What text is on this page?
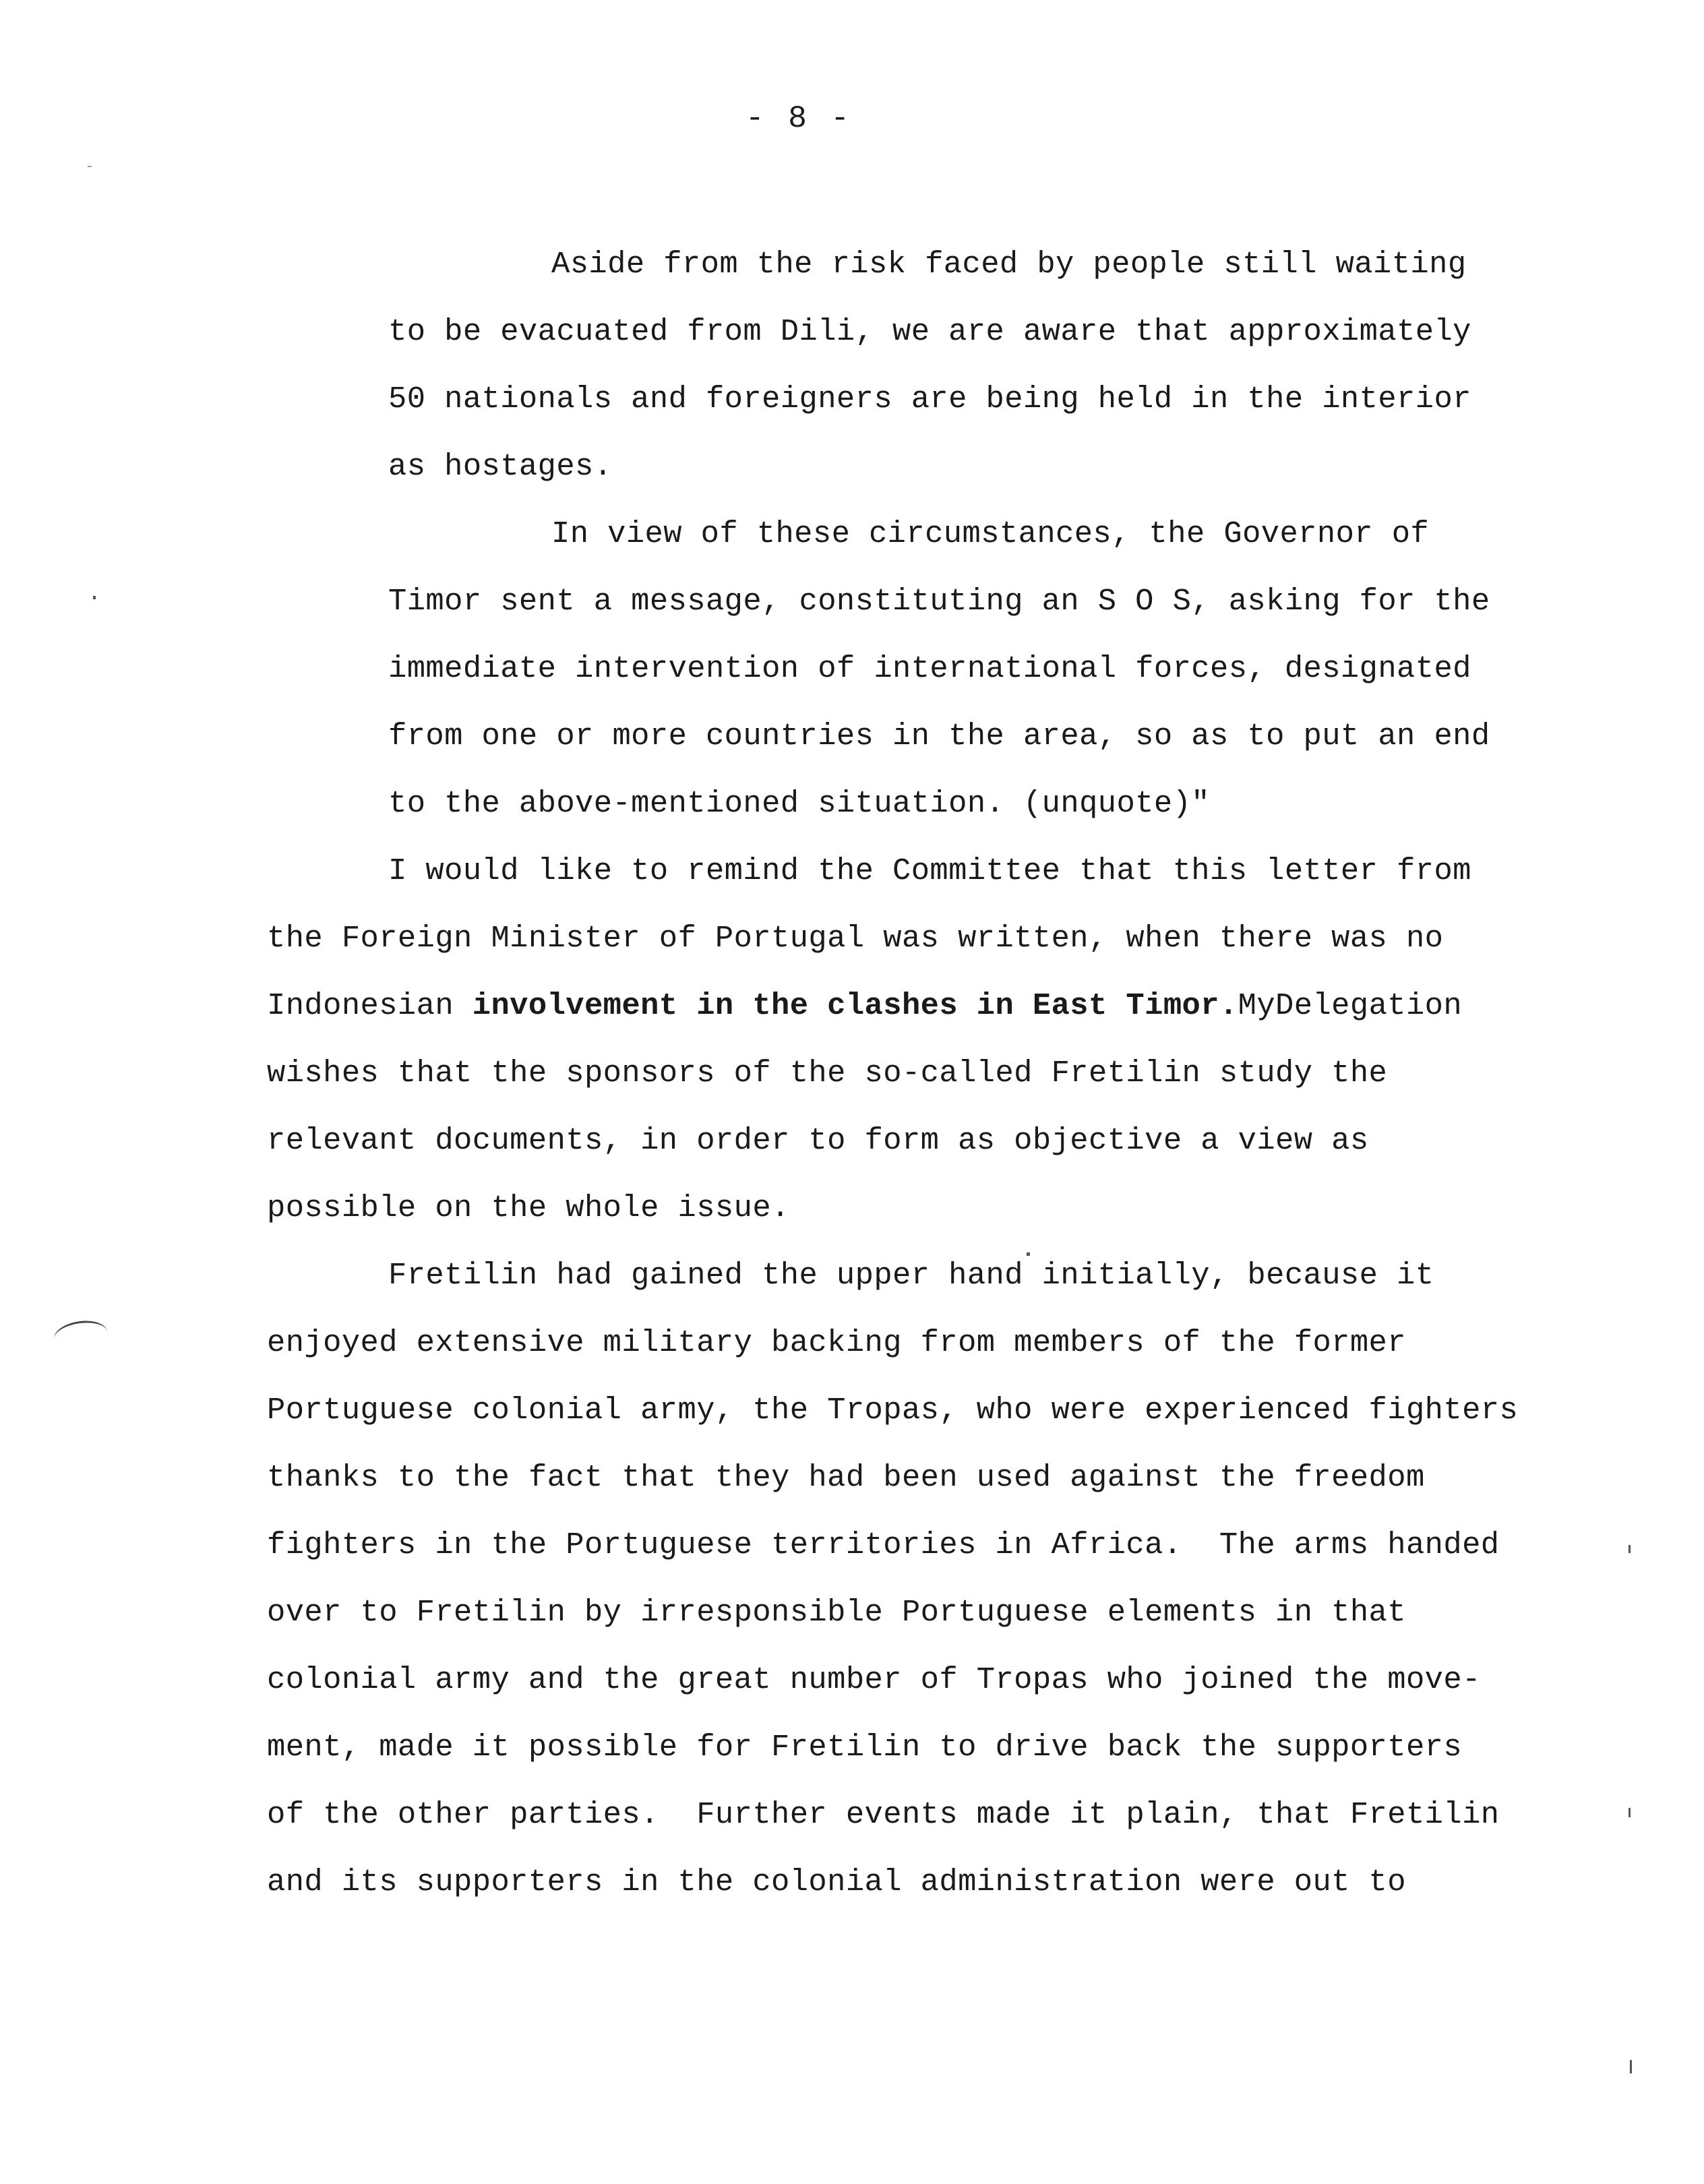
- 8 -
Aside from the risk faced by people still waiting
to be evacuated from Dili, we are aware that approximately
50 nationals and foreigners are being held in the interior
as hostages.
In view of these circumstances, the Governor of
Timor sent a message, constituting an S O S, asking for the
immediate intervention of international forces, designated
from one or more countries in the area, so as to put an end
to the above-mentioned situation. (unquote)"
I would like to remind the Committee that this letter from
the Foreign Minister of Portugal was written, when there was no
Indonesian involvement in the clashes in East Timor.MyDelegation
wishes that the sponsors of the so-called Fretilin study the
relevant documents, in order to form as objective a view as
possible on the whole issue.
Fretilin had gained the upper hand initially, because it
enjoyed extensive military backing from members of the former
Portuguese colonial army, the Tropas, who were experienced fighters
thanks to the fact that they had been used against the freedom
fighters in the Portuguese territories in Africa.  The arms handed
over to Fretilin by irresponsible Portuguese elements in that
colonial army and the great number of Tropas who joined the move-
ment, made it possible for Fretilin to drive back the supporters
of the other parties.  Further events made it plain, that Fretilin
and its supporters in the colonial administration were out to
